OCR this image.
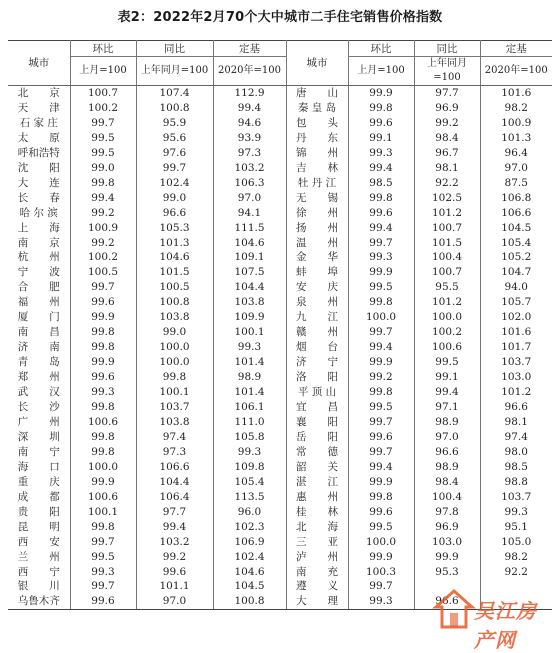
表2：2022年2月70个大中城市二手住宅销售价格指数
城市	环比	同比	定基	城市	环比	同比	定基
	上月=100	上年同月=100	2020年=100		上月=100	上年同月=100	2020年=100
北　　京	100.7	107.4	112.9	唐　　山	99.9	97.7	101.6
天　　津	100.2	100.8	99.4	秦 皇 岛	99.8	96.9	98.2
石 家 庄	99.7	95.9	94.6	包　　头	99.6	99.2	100.9
太　　原	99.5	95.6	93.9	丹　　东	99.1	98.4	101.3
呼和浩特	99.5	97.6	97.3	锦　　州	99.3	96.7	96.4
沈　　阳	99.0	99.7	103.2	吉　　林	99.4	98.1	97.0
大　　连	99.8	102.4	106.3	牡 丹 江	98.5	92.2	87.5
长　　春	99.4	99.0	97.0	无　　锡	99.8	102.5	106.8
哈 尔 滨	99.2	96.6	94.1	徐　　州	99.6	101.2	106.6
上　　海	100.9	105.3	111.5	扬　　州	99.4	100.7	104.5
南　　京	99.2	101.3	104.6	温　　州	99.7	101.5	105.4
杭　　州	100.2	104.6	109.1	金　　华	99.3	100.4	105.2
宁　　波	100.5	101.5	107.5	蚌　　埠	99.9	100.7	104.7
合　　肥	99.7	100.5	104.4	安　　庆	99.5	95.5	94.0
福　　州	99.6	100.8	103.8	泉　　州	99.8	101.2	105.7
厦　　门	99.9	103.8	109.9	九　　江	100.0	100.0	102.0
南　　昌	99.8	99.0	100.1	赣　　州	99.7	100.2	101.6
济　　南	99.8	100.0	99.3	烟　　台	99.4	100.6	101.7
青　　岛	99.9	100.0	101.4	济　　宁	99.9	99.5	103.7
郑　　州	99.6	99.8	98.9	洛　　阳	99.2	99.1	103.0
武　　汉	99.3	100.1	101.4	平 顶 山	99.8	99.4	101.2
长　　沙	99.8	103.7	106.1	宜　　昌	99.5	97.1	96.6
广　　州	100.6	103.8	111.0	襄　　阳	99.7	98.9	98.1
深　　圳	99.8	97.4	105.8	岳　　阳	99.6	97.0	97.4
南　　宁	99.8	97.3	99.3	常　　德	99.7	96.6	98.0
海　　口	100.0	106.6	109.8	韶　　关	99.4	98.9	98.5
重　　庆	99.9	104.4	105.4	湛　　江	99.9	98.4	98.8
成　　都	100.6	106.4	113.5	惠　　州	99.8	100.4	103.7
贵　　阳	100.1	97.7	96.0	桂　　林	99.6	97.8	99.3
昆　　明	99.8	99.4	102.3	北　　海	99.5	96.9	95.1
西　　安	99.7	103.2	106.9	三　　亚	100.0	103.0	105.0
兰　　州	99.5	99.2	102.4	泸　　州	99.9	99.9	98.2
西　　宁	99.3	99.6	104.6	南　　充	100.3	95.3	92.2
银　　川	99.7	101.1	104.5	遵　　义	99.7		
乌鲁木齐	99.6	97.0	100.8	大　　理	99.3	96.6	吴江房产网
